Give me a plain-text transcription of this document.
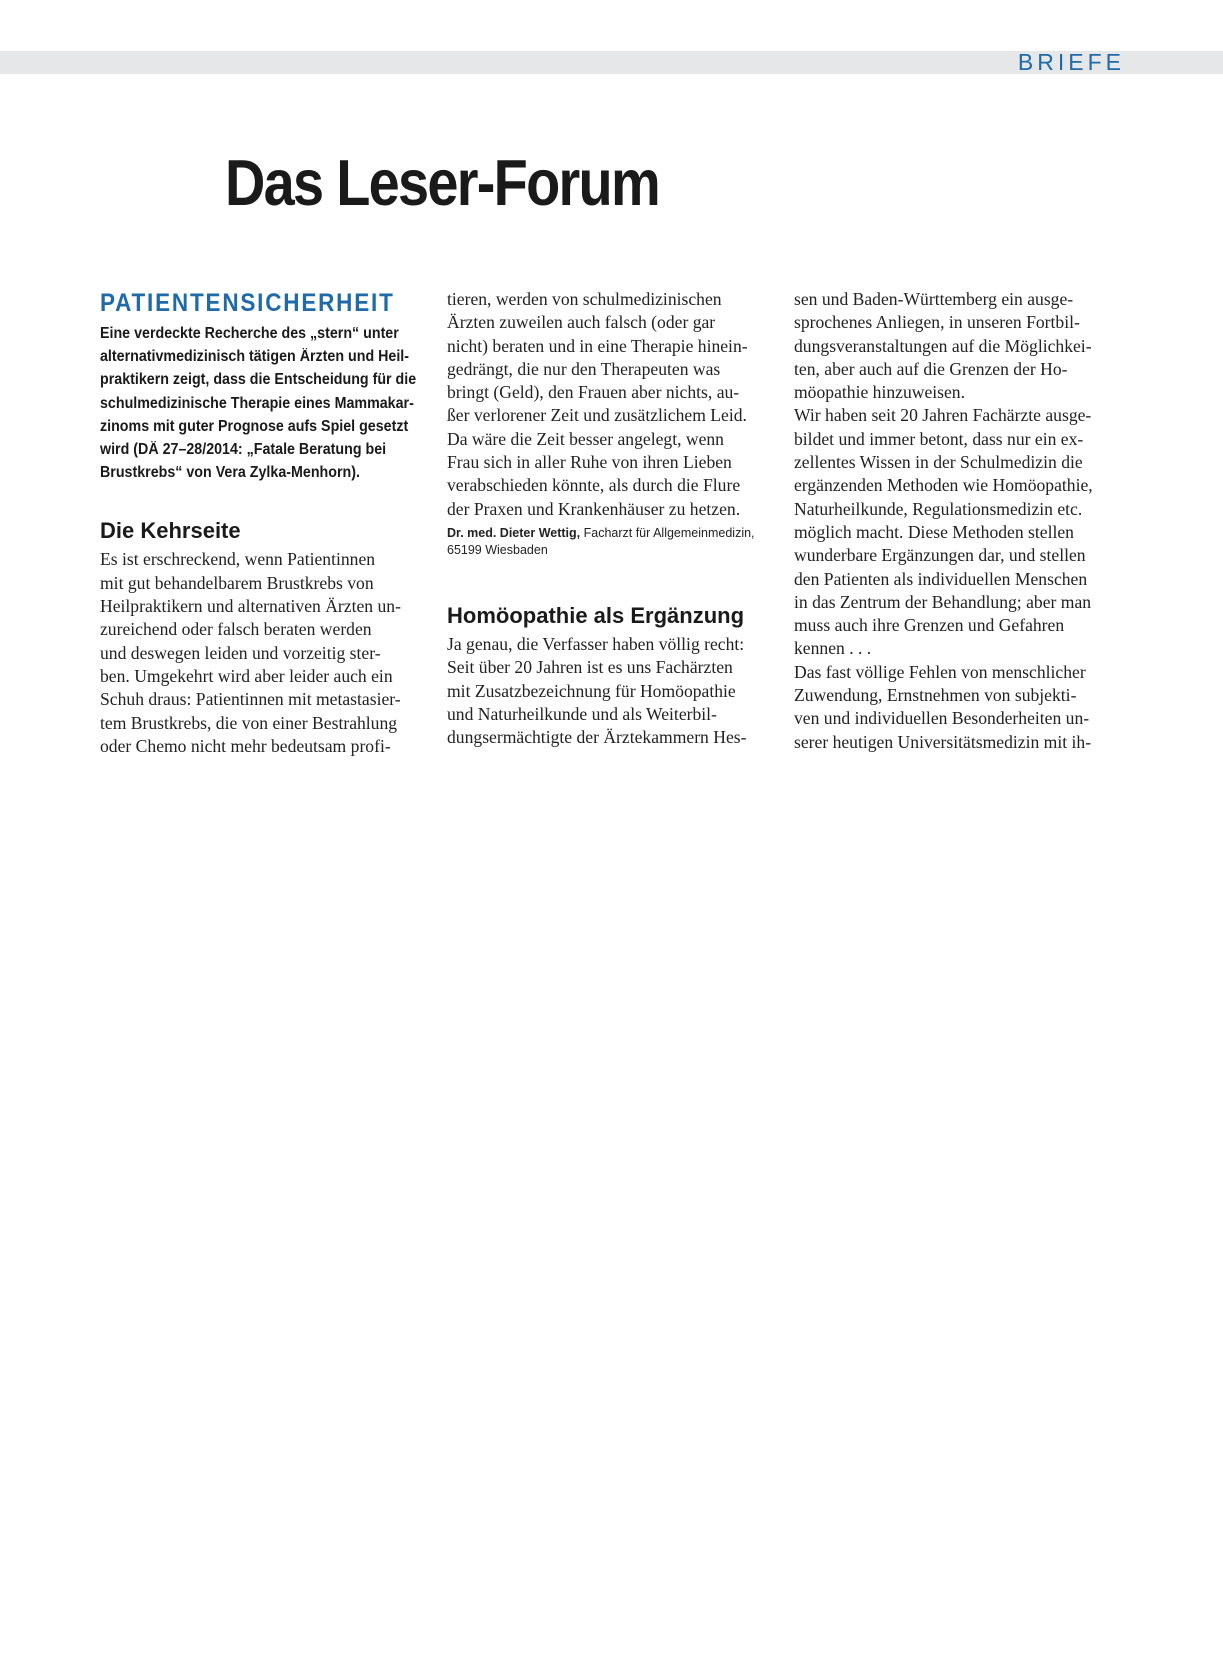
BRIEFE
Das Leser-Forum
PATIENTENSICHERHEIT
Eine verdeckte Recherche des „stern“ unter
alternativmedizinisch tätigen Ärzten und Heil-
praktikern zeigt, dass die Entscheidung für die
schulmedizinische Therapie eines Mammakar-
zinoms mit guter Prognose aufs Spiel gesetzt
wird (DÄ 27–28/2014: „Fatale Beratung bei
Brustkrebs“ von Vera Zylka-Menhorn).
Die Kehrseite
Es ist erschreckend, wenn Patientinnen
mit gut behandelbarem Brustkrebs von
Heilpraktikern und alternativen Ärzten un-
zureichend oder falsch beraten werden
und deswegen leiden und vorzeitig ster-
ben. Umgekehrt wird aber leider auch ein
Schuh draus: Patientinnen mit metastasier-
tem Brustkrebs, die von einer Bestrahlung
oder Chemo nicht mehr bedeutsam profi-
tieren, werden von schulmedizinischen
Ärzten zuweilen auch falsch (oder gar
nicht) beraten und in eine Therapie hinein-
gedrängt, die nur den Therapeuten was
bringt (Geld), den Frauen aber nichts, au-
ßer verlorener Zeit und zusätzlichem Leid.
Da wäre die Zeit besser angelegt, wenn
Frau sich in aller Ruhe von ihren Lieben
verabschieden könnte, als durch die Flure
der Praxen und Krankenhäuser zu hetzen.
Dr. med. Dieter Wettig, Facharzt für Allgemeinmedizin,
65199 Wiesbaden
Homöopathie als Ergänzung
Ja genau, die Verfasser haben völlig recht:
Seit über 20 Jahren ist es uns Fachärzten
mit Zusatzbezeichnung für Homöopathie
und Naturheilkunde und als Weiterbil-
dungsermächtigte der Ärztekammern Hes-
sen und Baden-Württemberg ein ausge-
sprochenes Anliegen, in unseren Fortbil-
dungsveranstaltungen auf die Möglichkei-
ten, aber auch auf die Grenzen der Ho-
möopathie hinzuweisen.
Wir haben seit 20 Jahren Fachärzte ausge-
bildet und immer betont, dass nur ein ex-
zellentes Wissen in der Schulmedizin die
ergänzenden Methoden wie Homöopathie,
Naturheilkunde, Regulationsmedizin etc.
möglich macht. Diese Methoden stellen
wunderbare Ergänzungen dar, und stellen
den Patienten als individuellen Menschen
in das Zentrum der Behandlung; aber man
muss auch ihre Grenzen und Gefahren
kennen . . .
Das fast völlige Fehlen von menschlicher
Zuwendung, Ernstnehmen von subjekti-
ven und individuellen Besonderheiten un-
serer heutigen Universitätsmedizin mit ih-
